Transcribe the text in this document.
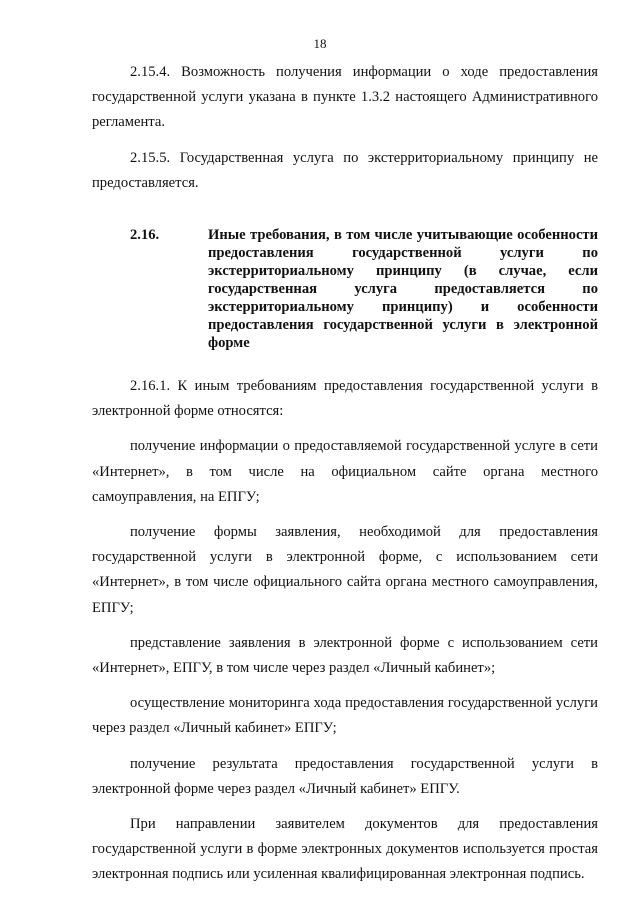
18

2.15.4. Возможность получения информации о ходе предоставления государственной услуги указана в пункте 1.3.2 настоящего Административного регламента.

2.15.5. Государственная услуга по экстерриториальному принципу не предоставляется.

2.16.	Иные требования, в том числе учитывающие особенности предоставления государственной услуги по экстерриториальному принципу (в случае, если государственная услуга предоставляется по экстерриториальному принципу) и особенности предоставления государственной услуги в электронной форме

2.16.1. К иным требованиям предоставления государственной услуги в электронной форме относятся:

получение информации о предоставляемой государственной услуге в сети «Интернет», в том числе на официальном сайте органа местного самоуправления, на ЕПГУ;

получение формы заявления, необходимой для предоставления государственной услуги в электронной форме, с использованием сети «Интернет», в том числе официального сайта органа местного самоуправления, ЕПГУ;

представление заявления в электронной форме с использованием сети «Интернет», ЕПГУ, в том числе через раздел «Личный кабинет»;

осуществление мониторинга хода предоставления государственной услуги через раздел «Личный кабинет» ЕПГУ;

получение результата предоставления государственной услуги в электронной форме через раздел «Личный кабинет» ЕПГУ.

При направлении заявителем документов для предоставления государственной услуги в форме электронных документов используется простая электронная подпись или усиленная квалифицированная электронная подпись.
